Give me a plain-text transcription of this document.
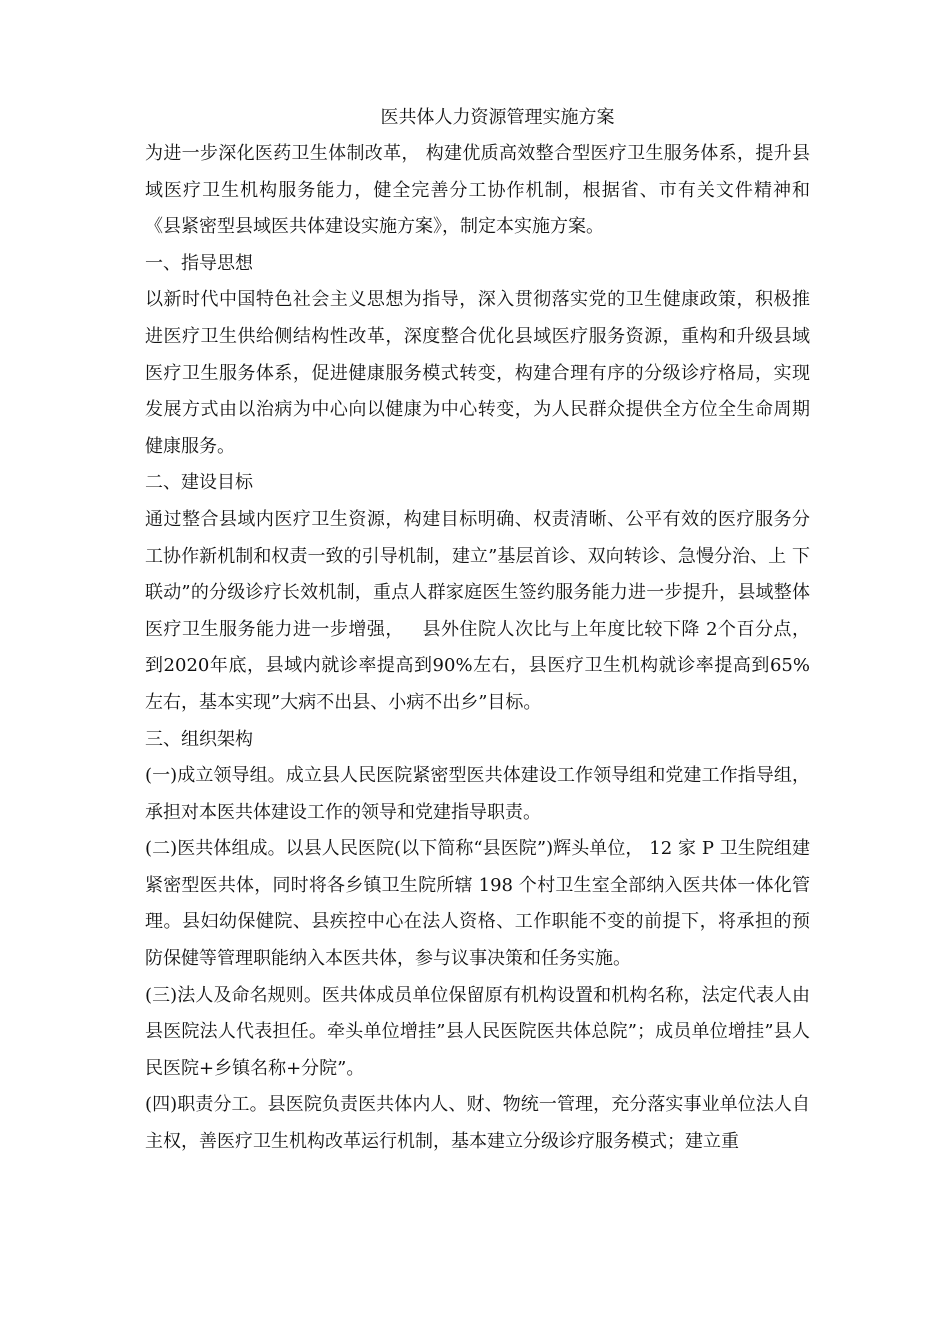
医共体人力资源管理实施方案

为进一步深化医药卫生体制改革， 构建优质高效整合型医疗卫生服务体系，提升县域医疗卫生机构服务能力，健全完善分工协作机制，根据省、市有关文件精神和《县紧密型县域医共体建设实施方案》，制定本实施方案。

一、指导思想

以新时代中国特色社会主义思想为指导，深入贯彻落实党的卫生健康政策，积极推进医疗卫生供给侧结构性改革，深度整合优化县域医疗服务资源，重构和升级县域医疗卫生服务体系，促进健康服务模式转变，构建合理有序的分级诊疗格局，实现发展方式由以治病为中心向以健康为中心转变，为人民群众提供全方位全生命周期健康服务。

二、建设目标

通过整合县域内医疗卫生资源，构建目标明确、权责清晰、公平有效的医疗服务分工协作新机制和权责一致的引导机制，建立”基层首诊、双向转诊、急慢分治、上 下联动”的分级诊疗长效机制，重点人群家庭医生签约服务能力进一步提升，县域整体医疗卫生服务能力进一步增强，   县外住院人次比与上年度比较下降 2个百分点， 到2020年底，县域内就诊率提高到90%左右，县医疗卫生机构就诊率提高到65%左右，基本实现”大病不出县、小病不出乡”目标。

三、组织架构

(一)成立领导组。成立县人民医院紧密型医共体建设工作领导组和党建工作指导组，承担对本医共体建设工作的领导和党建指导职责。

(二)医共体组成。以县人民医院(以下简称“县医院”)辉头单位， 12 家 P 卫生院组建紧密型医共体，同时将各乡镇卫生院所辖 198 个村卫生室全部纳入医共体一体化管理。县妇幼保健院、县疾控中心在法人资格、工作职能不变的前提下，将承担的预防保健等管理职能纳入本医共体，参与议事决策和任务实施。

(三)法人及命名规则。医共体成员单位保留原有机构设置和机构名称，法定代表人由县医院法人代表担任。牵头单位增挂”县人民医院医共体总院”；成员单位增挂”县人民医院+乡镇名称+分院”。

(四)职责分工。县医院负责医共体内人、财、物统一管理，充分落实事业单位法人自主权，善医疗卫生机构改革运行机制，基本建立分级诊疗服务模式；建立重
